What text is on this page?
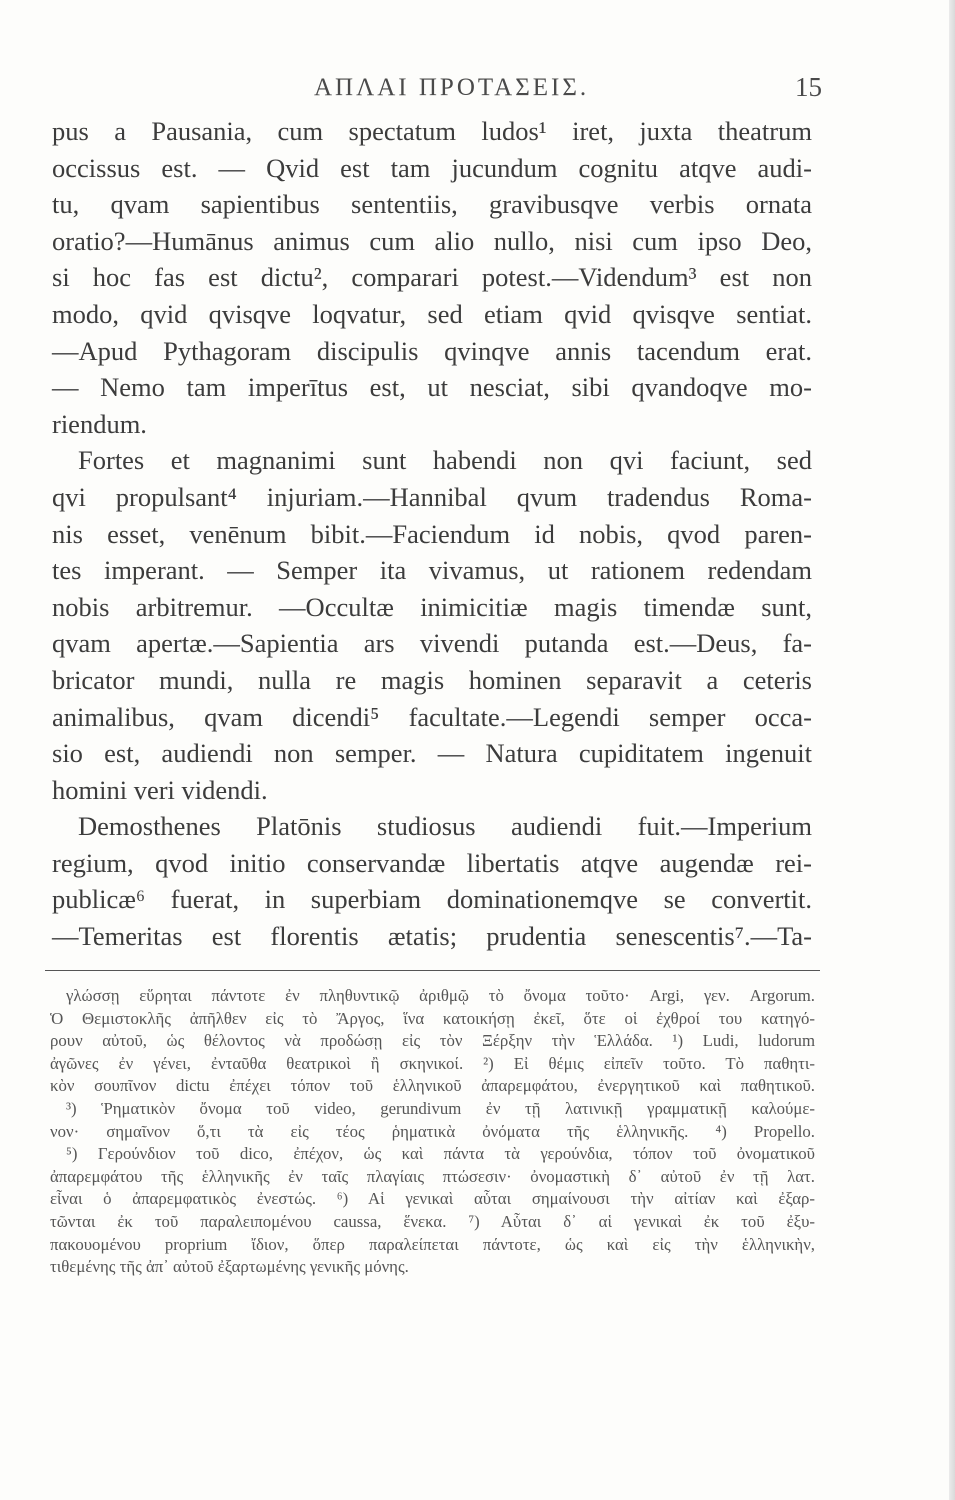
ΑΠΛΑΙ ΠΡΟΤΑΣΕΙΣ.	15
pus a Pausania, cum spectatum ludos¹ iret, juxta theatrum
occissus est. — Qvid est tam jucundum cognitu atqve audi-
tu, qvam sapientibus sententiis, gravibusqve verbis ornata
oratio?—Humānus animus cum alio nullo, nisi cum ipso Deo,
si hoc fas est dictu², comparari potest.—Videndum³ est non
modo, qvid qvisqve loqvatur, sed etiam qvid qvisqve sentiat.
—Apud Pythagoram discipulis qvinqve annis tacendum erat.
— Nemo tam imperītus est, ut nesciat, sibi qvandoqve mo-
riendum.
Fortes et magnanimi sunt habendi non qvi faciunt, sed
qvi propulsant⁴ injuriam.—Hannibal qvum tradendus Roma-
nis esset, venēnum bibit.—Faciendum id nobis, qvod paren-
tes imperant. — Semper ita vivamus, ut rationem redendam
nobis arbitremur. —Occultæ inimicitiæ magis timendæ sunt,
qvam apertæ.—Sapientia ars vivendi putanda est.—Deus, fa-
bricator mundi, nulla re magis hominen separavit a ceteris
animalibus, qvam dicendi⁵ facultate.—Legendi semper occa-
sio est, audiendi non semper. — Natura cupiditatem ingenuit
homini veri videndi.
Demosthenes Platōnis studiosus audiendi fuit.—Imperium
regium, qvod initio conservandæ libertatis atqve augendæ rei-
publicæ⁶ fuerat, in superbiam dominationemqve se convertit.
—Temeritas est florentis ætatis; prudentia senescentis⁷.—Ta-
γλώσσῃ εὕρηται πάντοτε ἐν πληθυντικῷ ἀριθμῷ τὸ ὄνομα τοῦτο· Argi, γεν. Argorum.
Ὁ Θεμιστοκλῆς ἀπῆλθεν εἰς τὸ Ἄργος, ἵνα κατοικήσῃ ἐκεῖ, ὅτε οἱ ἐχθροί του κατηγό-
ρουν αὐτοῦ, ὡς θέλοντος νὰ προδώσῃ εἰς τὸν Ξέρξην τὴν Ἑλλάδα. ¹) Ludi, ludorum
ἀγῶνες ἐν γένει, ἐνταῦθα θεατρικοὶ ἢ σκηνικοί. ²) Εἰ θέμις εἰπεῖν τοῦτο. Τὸ παθητι-
κὸν σουπῖνον dictu ἐπέχει τόπον τοῦ ἑλληνικοῦ ἀπαρεμφάτου, ἐνεργητικοῦ καὶ παθητικοῦ.
³) Ῥηματικὸν ὄνομα τοῦ video, gerundivum ἐν τῇ λατινικῇ γραμματικῇ καλούμε-
νον· σημαῖνον ὅ,τι τὰ εἰς τέος ῥηματικὰ ὀνόματα τῆς ἑλληνικῆς. ⁴) Propello.
⁵) Γερούνδιον τοῦ dico, ἐπέχον, ὡς καὶ πάντα τὰ γερούνδια, τόπον τοῦ ὀνοματικοῦ
ἀπαρεμφάτου τῆς ἑλληνικῆς ἐν ταῖς πλαγίαις πτώσεσιν· ὀνομαστικὴ δ᾽ αὐτοῦ ἐν τῇ λατ.
εἶναι ὁ ἀπαρεμφατικὸς ἐνεστώς. ⁶) Αἱ γενικαὶ αὗται σημαίνουσι τὴν αἰτίαν καὶ ἐξαρ-
τῶνται ἐκ τοῦ παραλειπομένου caussa, ἕνεκα. ⁷) Αὗται δ᾽ αἱ γενικαὶ ἐκ τοῦ ἐξυ-
πακουομένου proprium ἴδιον, ὅπερ παραλείπεται πάντοτε, ὡς καὶ εἰς τὴν ἑλληνικὴν,
τιθεμένης τῆς ἀπ᾽ αὐτοῦ ἐξαρτωμένης γενικῆς μόνης.
